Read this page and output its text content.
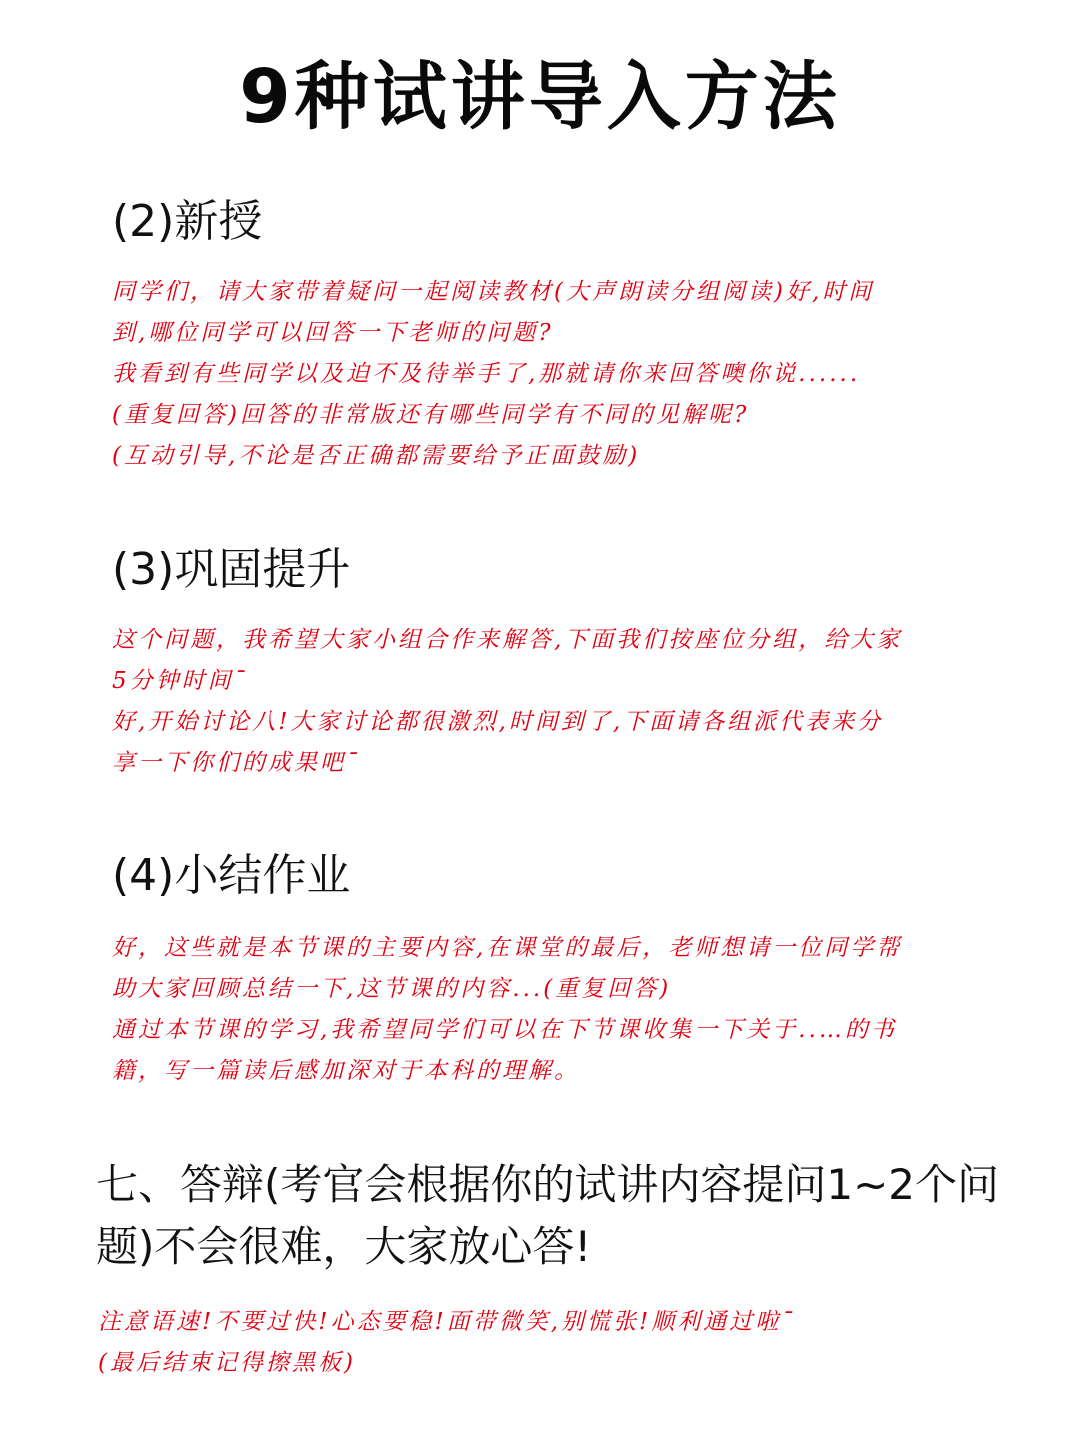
9种试讲导入方法
(2)新授
同学们，请大家带着疑问一起阅读教材(大声朗读分组阅读)好,时间
到,哪位同学可以回答一下老师的问题?
我看到有些同学以及迫不及待举手了,那就请你来回答噢你说......
(重复回答)回答的非常版还有哪些同学有不同的见解呢?
(互动引导,不论是否正确都需要给予正面鼓励)
(3)巩固提升
这个问题，我希望大家小组合作来解答,下面我们按座位分组，给大家
5分钟时间¯
好,开始讨论八!大家讨论都很激烈,时间到了,下面请各组派代表来分
享一下你们的成果吧¯
(4)小结作业
好，这些就是本节课的主要内容,在课堂的最后，老师想请一位同学帮
助大家回顾总结一下,这节课的内容...(重复回答)
通过本节课的学习,我希望同学们可以在下节课收集一下关于..…的书
籍，写一篇读后感加深对于本科的理解。
七、答辩(考官会根据你的试讲内容提问1~2个问
题)不会很难，大家放心答!
注意语速!不要过快!心态要稳!面带微笑,别慌张!顺利通过啦¯
(最后结束记得擦黑板)
